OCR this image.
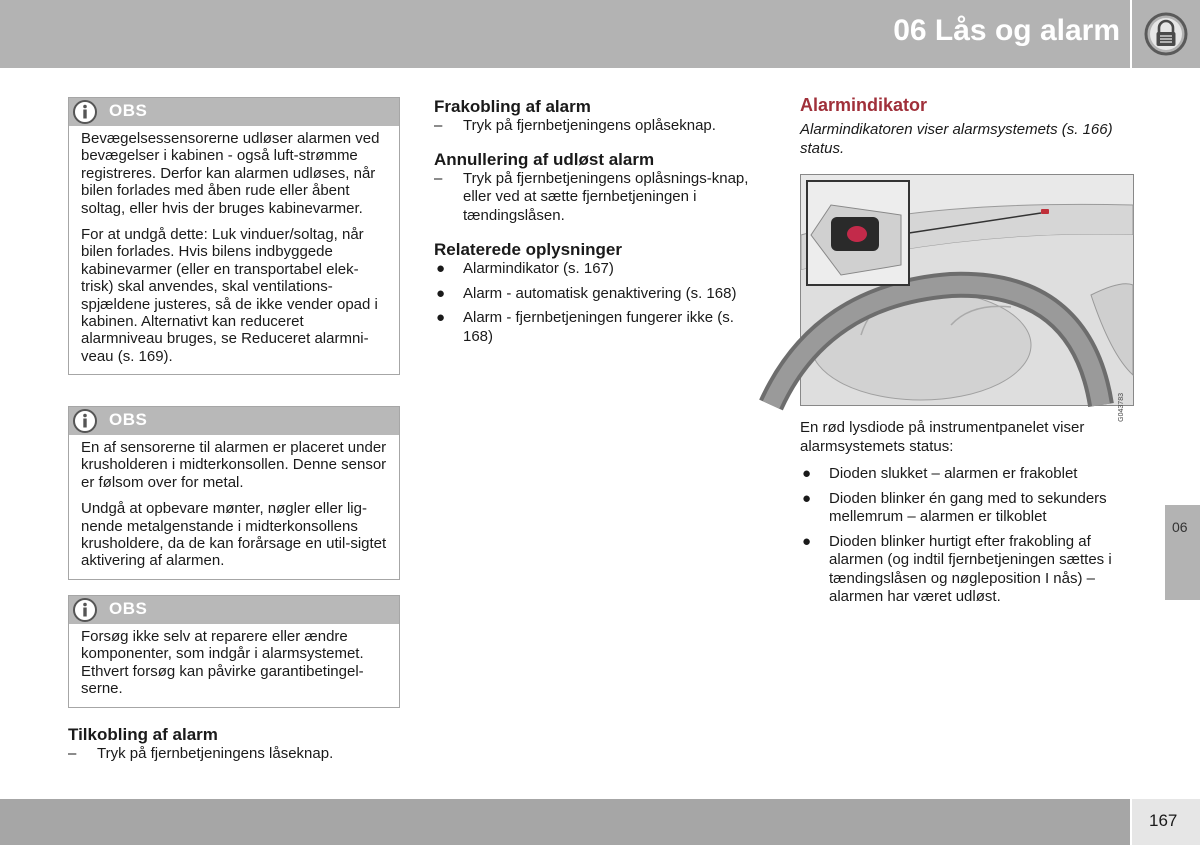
06 Lås og alarm
OBS

Bevægelsessensorerne udløser alarmen ved bevægelser i kabinen - også luft-strømme registreres. Derfor kan alarmen udløses, når bilen forlades med åben rude eller åbent soltag, eller hvis der bruges kabinevarmer.

For at undgå dette: Luk vinduer/soltag, når bilen forlades. Hvis bilens indbyggede kabinevarmer (eller en transportabel elek-trisk) skal anvendes, skal ventilations-spjældene justeres, så de ikke vender opad i kabinen. Alternativt kan reduceret alarmniveau bruges, se Reduceret alarmni-veau (s. 169).

OBS

En af sensorerne til alarmen er placeret under krusholderen i midterkonsollen. Denne sensor er følsom over for metal.

Undgå at opbevare mønter, nøgler eller lig-nende metalgenstande i midterkonsollens krusholdere, da de kan forårsage en util-sigtet aktivering af alarmen.

OBS

Forsøg ikke selv at reparere eller ændre komponenter, som indgår i alarmsystemet. Ethvert forsøg kan påvirke garantibetingel-serne.

Tilkobling af alarm
– Tryk på fjernbetjeningens låseknap.
Frakobling af alarm
– Tryk på fjernbetjeningens oplåseknap.
Annullering af udløst alarm
– Tryk på fjernbetjeningens oplåsnings-knap, eller ved at sætte fjernbetjeningen i tændingslåsen.
Relaterede oplysninger
● Alarmindikator (s. 167)
● Alarm - automatisk genaktivering (s. 168)
● Alarm - fjernbetjeningen fungerer ikke (s. 168)
Alarmindikator
Alarmindikatoren viser alarmsystemets (s. 166) status.
G043783
En rød lysdiode på instrumentpanelet viser alarmsystemets status:
● Dioden slukket – alarmen er frakoblet
● Dioden blinker én gang med to sekunders mellemrum – alarmen er tilkoblet
● Dioden blinker hurtigt efter frakobling af alarmen (og indtil fjernbetjeningen sættes i tændingslåsen og nøgleposition I nås) – alarmen har været udløst.
06
167
